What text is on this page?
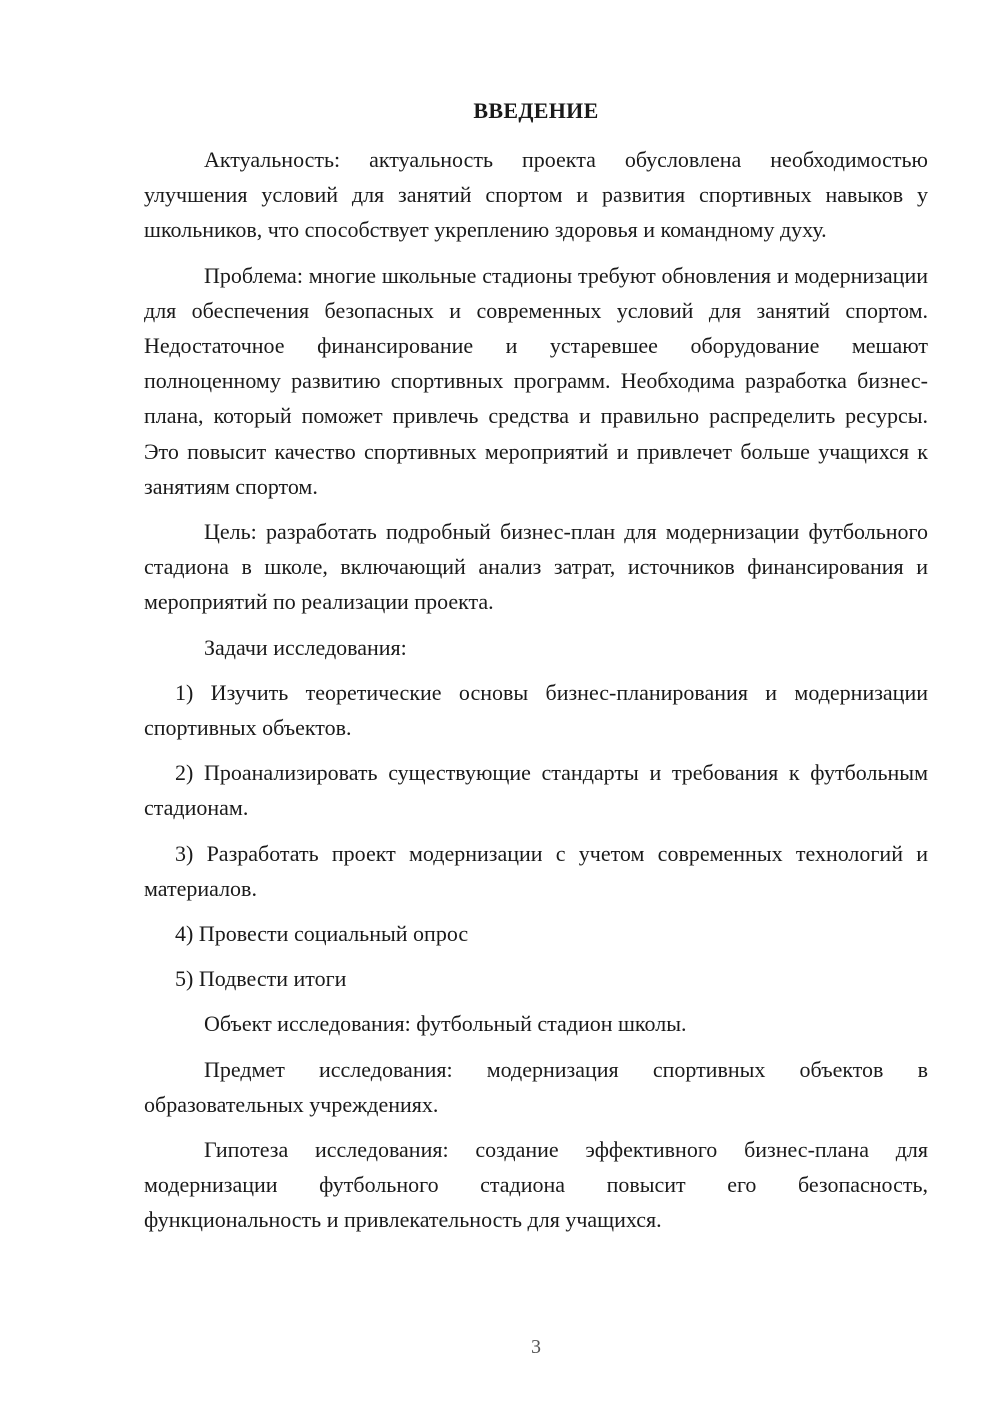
ВВЕДЕНИЕ

Актуальность: актуальность проекта обусловлена необходимостью улучшения условий для занятий спортом и развития спортивных навыков у школьников, что способствует укреплению здоровья и командному духу.

Проблема: многие школьные стадионы требуют обновления и модернизации для обеспечения безопасных и современных условий для занятий спортом. Недостаточное финансирование и устаревшее оборудование мешают полноценному развитию спортивных программ. Необходима разработка бизнес-плана, который поможет привлечь средства и правильно распределить ресурсы. Это повысит качество спортивных мероприятий и привлечет больше учащихся к занятиям спортом.

Цель: разработать подробный бизнес-план для модернизации футбольного стадиона в школе, включающий анализ затрат, источников финансирования и мероприятий по реализации проекта.

Задачи исследования:

1) Изучить теоретические основы бизнес-планирования и модернизации спортивных объектов.

2) Проанализировать существующие стандарты и требования к футбольным стадионам.

3) Разработать проект модернизации с учетом современных технологий и материалов.

4) Провести социальный опрос

5) Подвести итоги

Объект исследования: футбольный стадион школы.

Предмет исследования: модернизация спортивных объектов в образовательных учреждениях.

Гипотеза исследования: создание эффективного бизнес-плана для модернизации футбольного стадиона повысит его безопасность, функциональность и привлекательность для учащихся.

3
